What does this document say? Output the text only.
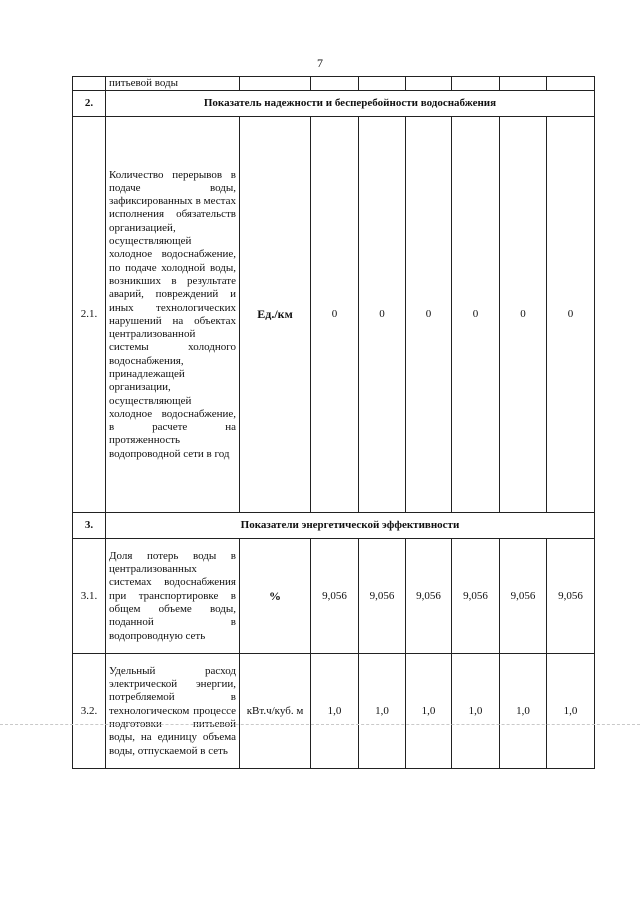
7
	питьевой воды							
2.	Показатель надежности и бесперебойности водоснабжения							
2.1.	Количество перерывов в подаче воды, зафиксированных в местах исполнения обязательств организацией, осуществляющей холодное водоснабжение, по подаче холодной воды, возникших в результате аварий, повреждений и иных технологических нарушений на объектах централизованной системы холодного водоснабжения, принадлежащей организации, осуществляющей холодное водоснабжение, в расчете на протяженность водопроводной сети в год	Ед./км	0	0	0	0	0	0
3.	Показатели энергетической эффективности							
3.1.	Доля потерь воды в централизованных системах водоснабжения при транспортировке в общем объеме воды, поданной в водопроводную сеть	%	9,056	9,056	9,056	9,056	9,056	9,056
3.2.	Удельный расход электрической энергии, потребляемой в технологическом процессе подготовки питьевой воды, на единицу объема воды, отпускаемой в сеть	кВт.ч/куб. м	1,0	1,0	1,0	1,0	1,0	1,0
